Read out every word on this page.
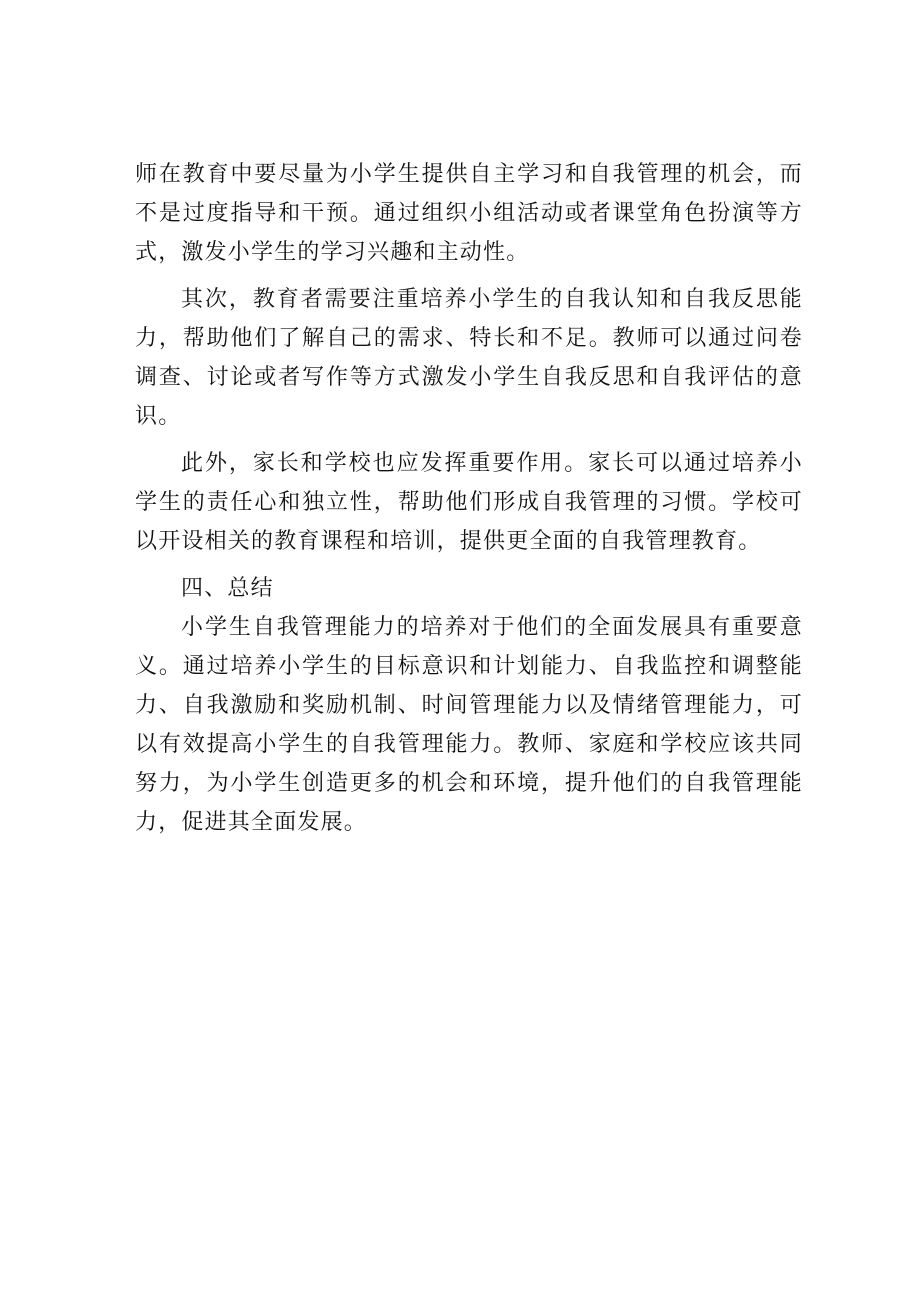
师在教育中要尽量为小学生提供自主学习和自我管理的机会，而不是过度指导和干预。通过组织小组活动或者课堂角色扮演等方式，激发小学生的学习兴趣和主动性。

其次，教育者需要注重培养小学生的自我认知和自我反思能力，帮助他们了解自己的需求、特长和不足。教师可以通过问卷调查、讨论或者写作等方式激发小学生自我反思和自我评估的意识。

此外，家长和学校也应发挥重要作用。家长可以通过培养小学生的责任心和独立性，帮助他们形成自我管理的习惯。学校可以开设相关的教育课程和培训，提供更全面的自我管理教育。

四、总结

小学生自我管理能力的培养对于他们的全面发展具有重要意义。通过培养小学生的目标意识和计划能力、自我监控和调整能力、自我激励和奖励机制、时间管理能力以及情绪管理能力，可以有效提高小学生的自我管理能力。教师、家庭和学校应该共同努力，为小学生创造更多的机会和环境，提升他们的自我管理能力，促进其全面发展。
